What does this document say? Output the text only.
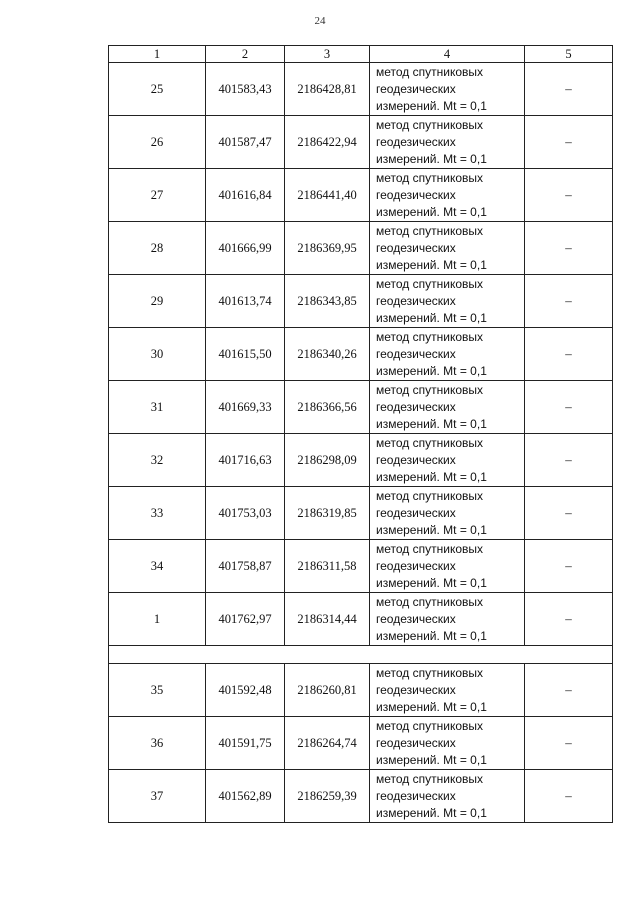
24
1	2	3	4	5
25	401583,43	2186428,81	метод спутниковых
геодезических
измерений. Mt = 0,1	–
26	401587,47	2186422,94	метод спутниковых
геодезических
измерений. Mt = 0,1	–
27	401616,84	2186441,40	метод спутниковых
геодезических
измерений. Mt = 0,1	–
28	401666,99	2186369,95	метод спутниковых
геодезических
измерений. Mt = 0,1	–
29	401613,74	2186343,85	метод спутниковых
геодезических
измерений. Mt = 0,1	–
30	401615,50	2186340,26	метод спутниковых
геодезических
измерений. Mt = 0,1	–
31	401669,33	2186366,56	метод спутниковых
геодезических
измерений. Mt = 0,1	–
32	401716,63	2186298,09	метод спутниковых
геодезических
измерений. Mt = 0,1	–
33	401753,03	2186319,85	метод спутниковых
геодезических
измерений. Mt = 0,1	–
34	401758,87	2186311,58	метод спутниковых
геодезических
измерений. Mt = 0,1	–
1	401762,97	2186314,44	метод спутниковых
геодезических
измерений. Mt = 0,1	–

35	401592,48	2186260,81	метод спутниковых
геодезических
измерений. Mt = 0,1	–
36	401591,75	2186264,74	метод спутниковых
геодезических
измерений. Mt = 0,1	–
37	401562,89	2186259,39	метод спутниковых
геодезических
измерений. Mt = 0,1	–
